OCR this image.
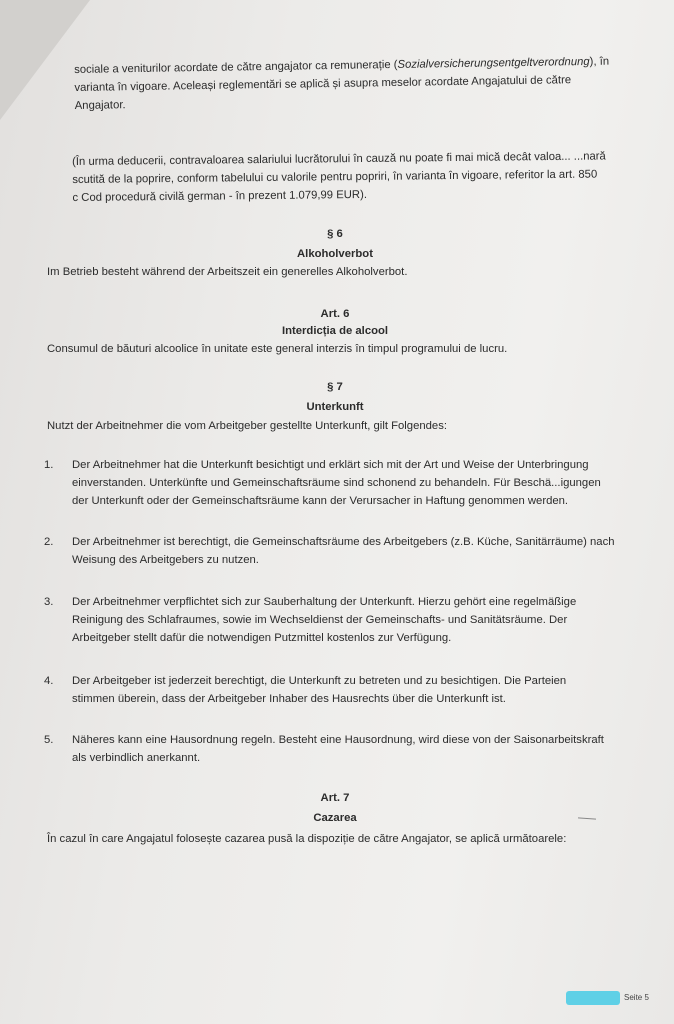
sociale a veniturilor acordate de către angajator ca remunerație (Sozialversicherungsentgeltverordnung), în
varianta în vigoare. Aceleași reglementări se aplică și asupra meselor acordate Angajatului de către
Angajator.
(În urma deducerii, contravaloarea salariului lucrătorului în cauză nu poate fi mai mică decât valoa... ...nară
scutită de la poprire, conform tabelului cu valorile pentru popriri, în varianta în vigoare, referitor la art. 850
c Cod procedură civilă german - în prezent 1.079,99 EUR).
§ 6
Alkoholverbot
Im Betrieb besteht während der Arbeitszeit ein generelles Alkoholverbot.
Art. 6
Interdicția de alcool
Consumul de băuturi alcoolice în unitate este general interzis în timpul programului de lucru.
§ 7
Unterkunft
Nutzt der Arbeitnehmer die vom Arbeitgeber gestellte Unterkunft, gilt Folgendes:
1. Der Arbeitnehmer hat die Unterkunft besichtigt und erklärt sich mit der Art und Weise der Unterbringung
einverstanden. Unterkünfte und Gemeinschaftsräume sind schonend zu behandeln. Für Beschä...igungen
der Unterkunft oder der Gemeinschaftsräume kann der Verursacher in Haftung genommen werden.
2. Der Arbeitnehmer ist berechtigt, die Gemeinschaftsräume des Arbeitgebers (z.B. Küche, Sanitärräume) nach
Weisung des Arbeitgebers zu nutzen.
3. Der Arbeitnehmer verpflichtet sich zur Sauberhaltung der Unterkunft. Hierzu gehört eine regelmäßige
Reinigung des Schlafraumes, sowie im Wechseldienst der Gemeinschafts- und Sanitätsräume. Der
Arbeitgeber stellt dafür die notwendigen Putzmittel kostenlos zur Verfügung.
4. Der Arbeitgeber ist jederzeit berechtigt, die Unterkunft zu betreten und zu besichtigen. Die Parteien
stimmen überein, dass der Arbeitgeber Inhaber des Hausrechts über die Unterkunft ist.
5. Näheres kann eine Hausordnung regeln. Besteht eine Hausordnung, wird diese von der Saisonarbeitskraft
als verbindlich anerkannt.
Art. 7
Cazarea
În cazul în care Angajatul folosește cazarea pusă la dispoziție de către Angajator, se aplică următoarele:
Seite 5
